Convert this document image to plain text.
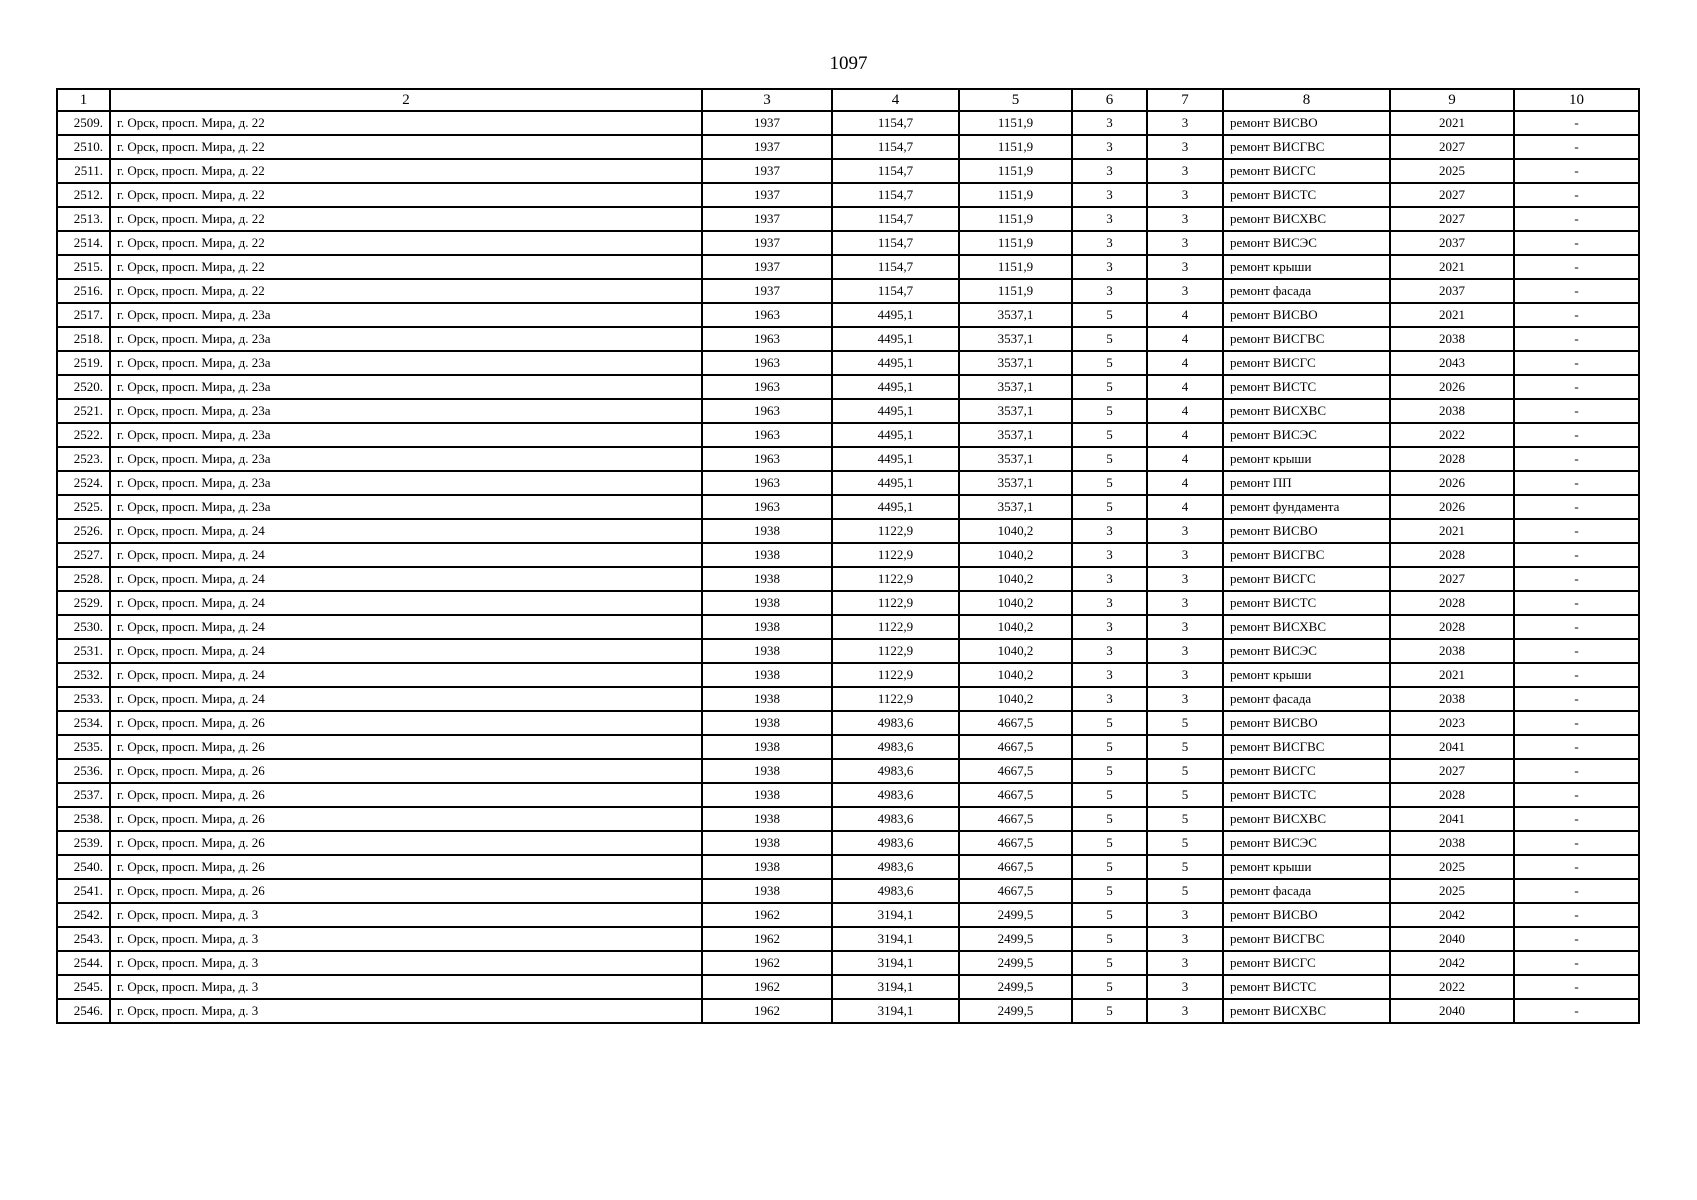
1097
1	2	3	4	5	6	7	8	9	10
2509.	г. Орск, просп. Мира, д. 22	1937	1154,7	1151,9	3	3	ремонт ВИСВО	2021	-
2510.	г. Орск, просп. Мира, д. 22	1937	1154,7	1151,9	3	3	ремонт ВИСГВС	2027	-
2511.	г. Орск, просп. Мира, д. 22	1937	1154,7	1151,9	3	3	ремонт ВИСГС	2025	-
2512.	г. Орск, просп. Мира, д. 22	1937	1154,7	1151,9	3	3	ремонт ВИСТС	2027	-
2513.	г. Орск, просп. Мира, д. 22	1937	1154,7	1151,9	3	3	ремонт ВИСХВС	2027	-
2514.	г. Орск, просп. Мира, д. 22	1937	1154,7	1151,9	3	3	ремонт ВИСЭС	2037	-
2515.	г. Орск, просп. Мира, д. 22	1937	1154,7	1151,9	3	3	ремонт крыши	2021	-
2516.	г. Орск, просп. Мира, д. 22	1937	1154,7	1151,9	3	3	ремонт фасада	2037	-
2517.	г. Орск, просп. Мира, д. 23а	1963	4495,1	3537,1	5	4	ремонт ВИСВО	2021	-
2518.	г. Орск, просп. Мира, д. 23а	1963	4495,1	3537,1	5	4	ремонт ВИСГВС	2038	-
2519.	г. Орск, просп. Мира, д. 23а	1963	4495,1	3537,1	5	4	ремонт ВИСГС	2043	-
2520.	г. Орск, просп. Мира, д. 23а	1963	4495,1	3537,1	5	4	ремонт ВИСТС	2026	-
2521.	г. Орск, просп. Мира, д. 23а	1963	4495,1	3537,1	5	4	ремонт ВИСХВС	2038	-
2522.	г. Орск, просп. Мира, д. 23а	1963	4495,1	3537,1	5	4	ремонт ВИСЭС	2022	-
2523.	г. Орск, просп. Мира, д. 23а	1963	4495,1	3537,1	5	4	ремонт крыши	2028	-
2524.	г. Орск, просп. Мира, д. 23а	1963	4495,1	3537,1	5	4	ремонт ПП	2026	-
2525.	г. Орск, просп. Мира, д. 23а	1963	4495,1	3537,1	5	4	ремонт фундамента	2026	-
2526.	г. Орск, просп. Мира, д. 24	1938	1122,9	1040,2	3	3	ремонт ВИСВО	2021	-
2527.	г. Орск, просп. Мира, д. 24	1938	1122,9	1040,2	3	3	ремонт ВИСГВС	2028	-
2528.	г. Орск, просп. Мира, д. 24	1938	1122,9	1040,2	3	3	ремонт ВИСГС	2027	-
2529.	г. Орск, просп. Мира, д. 24	1938	1122,9	1040,2	3	3	ремонт ВИСТС	2028	-
2530.	г. Орск, просп. Мира, д. 24	1938	1122,9	1040,2	3	3	ремонт ВИСХВС	2028	-
2531.	г. Орск, просп. Мира, д. 24	1938	1122,9	1040,2	3	3	ремонт ВИСЭС	2038	-
2532.	г. Орск, просп. Мира, д. 24	1938	1122,9	1040,2	3	3	ремонт крыши	2021	-
2533.	г. Орск, просп. Мира, д. 24	1938	1122,9	1040,2	3	3	ремонт фасада	2038	-
2534.	г. Орск, просп. Мира, д. 26	1938	4983,6	4667,5	5	5	ремонт ВИСВО	2023	-
2535.	г. Орск, просп. Мира, д. 26	1938	4983,6	4667,5	5	5	ремонт ВИСГВС	2041	-
2536.	г. Орск, просп. Мира, д. 26	1938	4983,6	4667,5	5	5	ремонт ВИСГС	2027	-
2537.	г. Орск, просп. Мира, д. 26	1938	4983,6	4667,5	5	5	ремонт ВИСТС	2028	-
2538.	г. Орск, просп. Мира, д. 26	1938	4983,6	4667,5	5	5	ремонт ВИСХВС	2041	-
2539.	г. Орск, просп. Мира, д. 26	1938	4983,6	4667,5	5	5	ремонт ВИСЭС	2038	-
2540.	г. Орск, просп. Мира, д. 26	1938	4983,6	4667,5	5	5	ремонт крыши	2025	-
2541.	г. Орск, просп. Мира, д. 26	1938	4983,6	4667,5	5	5	ремонт фасада	2025	-
2542.	г. Орск, просп. Мира, д. 3	1962	3194,1	2499,5	5	3	ремонт ВИСВО	2042	-
2543.	г. Орск, просп. Мира, д. 3	1962	3194,1	2499,5	5	3	ремонт ВИСГВС	2040	-
2544.	г. Орск, просп. Мира, д. 3	1962	3194,1	2499,5	5	3	ремонт ВИСГС	2042	-
2545.	г. Орск, просп. Мира, д. 3	1962	3194,1	2499,5	5	3	ремонт ВИСТС	2022	-
2546.	г. Орск, просп. Мира, д. 3	1962	3194,1	2499,5	5	3	ремонт ВИСХВС	2040	-
